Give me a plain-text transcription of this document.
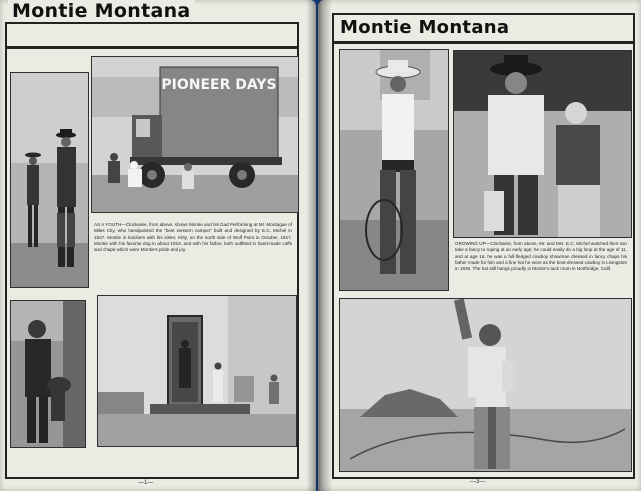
Montie Montana
PIONEER DAYS
AS A YOUTH—Clockwise, from above, shows Montie and his Dad Performing at Mr. Montague of Miles City, who handpainted the "best western camper" built and designed by E.C. Michel in 1927. Montie in knickers with his sister, Kitty, on the north side of Wolf Point in October, 1917. Montie with his favorite dog in about 1918, and with his father, both outfitted in hand-made cuffs and chaps which were Montie's pride and joy.
—1—
Montie Montana
GROWING UP—Clockwise, from above, Mr. and Mrs. E.C. Michel watched their son take a fancy to roping at an early age; he could easily do a big loop at the age of 11, and at age 16, he was a full-fledged cowboy showman dressed in fancy chaps his father made for him and a fine hat he wore as the best-dressed cowboy in Livingston in 1928. The hat still hangs proudly in Montie's tack room in Northridge, Calif.
—3—
